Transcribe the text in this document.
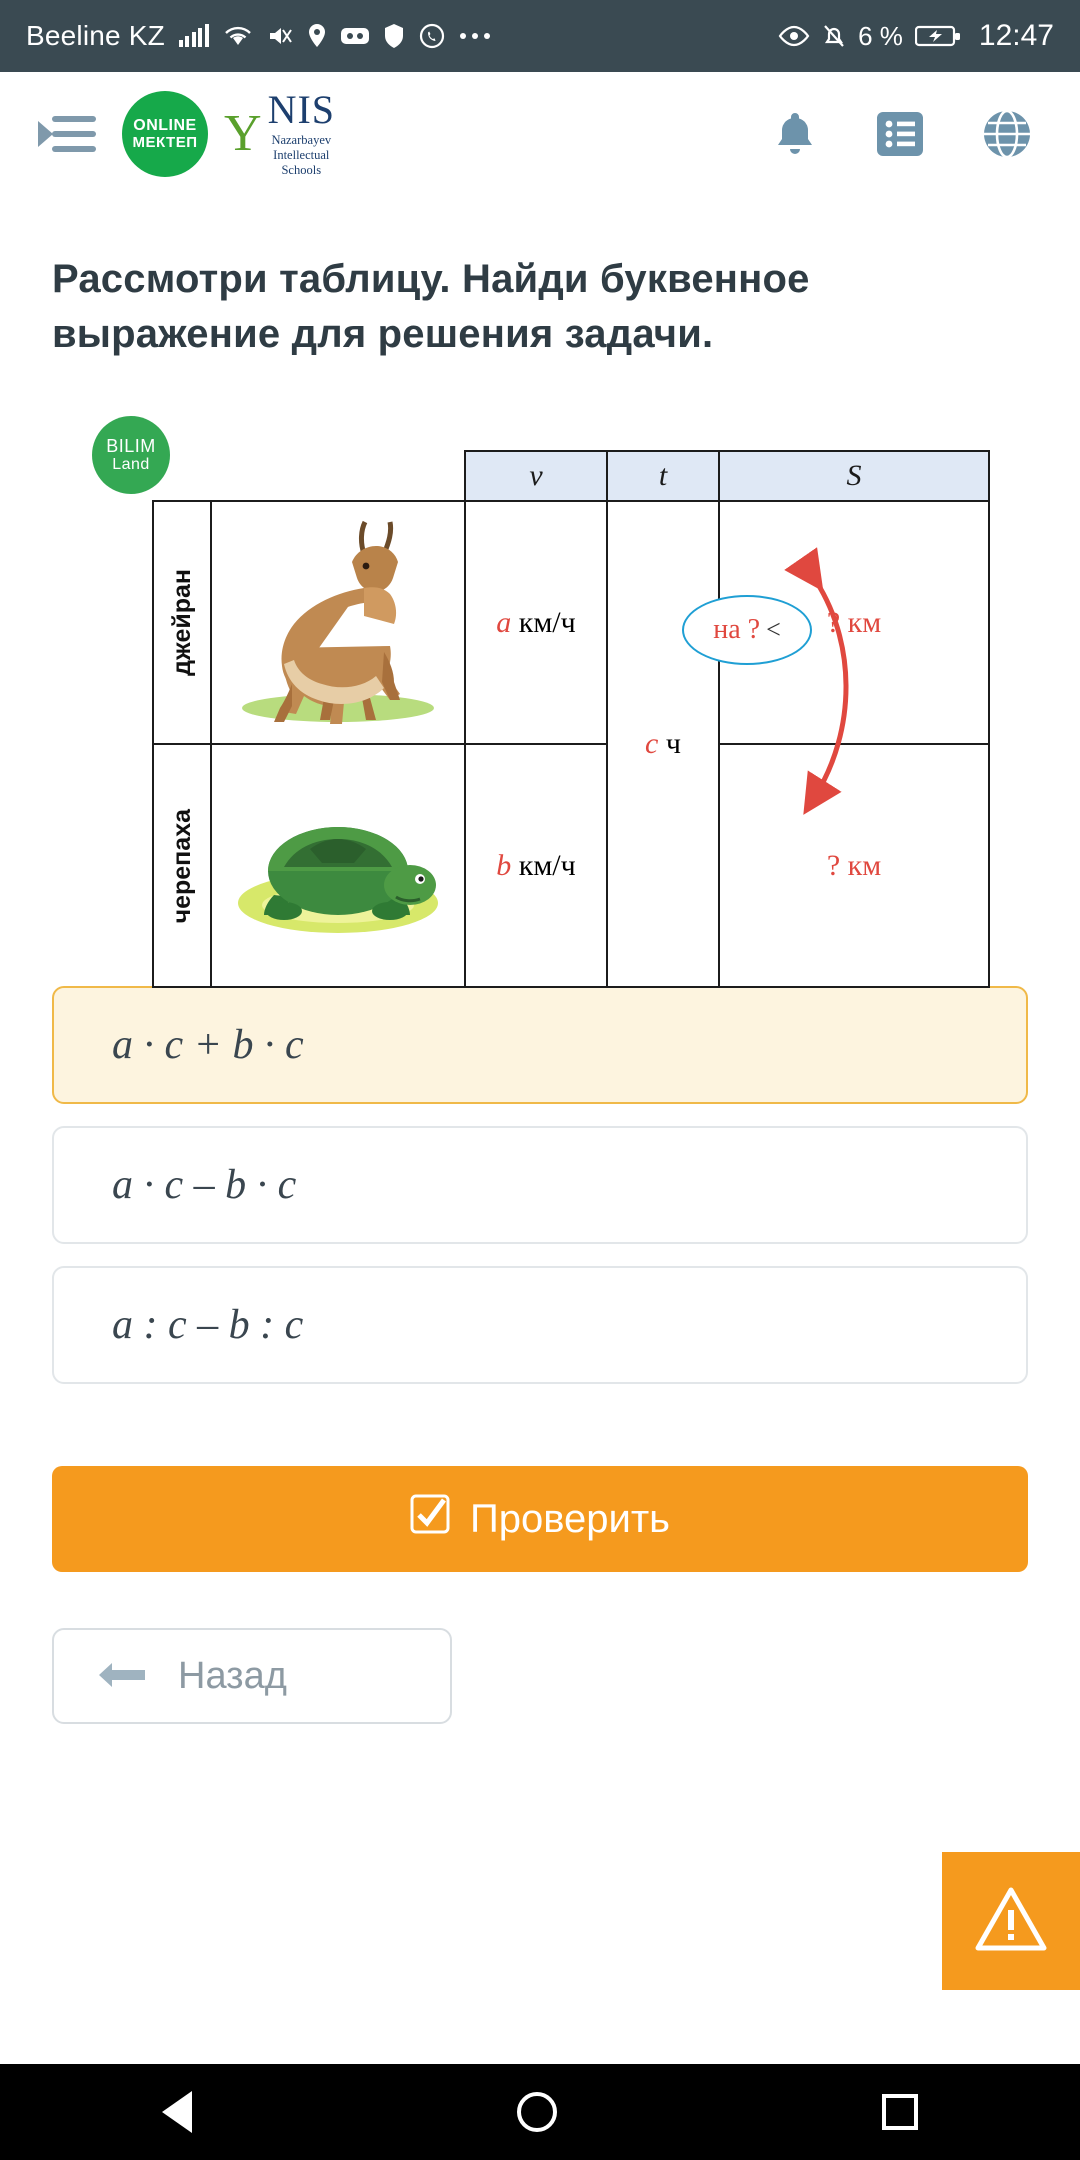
Beeline KZ	6 %	12:47
ONLINE
МЕКТЕП Y NIS
Nazarbayev
Intellectual
Schools
Рассмотри таблицу. Найди буквенное выражение для решения задачи.
BILIM
Land
			v	t	S

джейран		а км/ч	с ч	? км

черепаха		b км/ч		? км
на ? <
a · c + b · c
a · c – b · c
a : c – b : c
Проверить
Назад
